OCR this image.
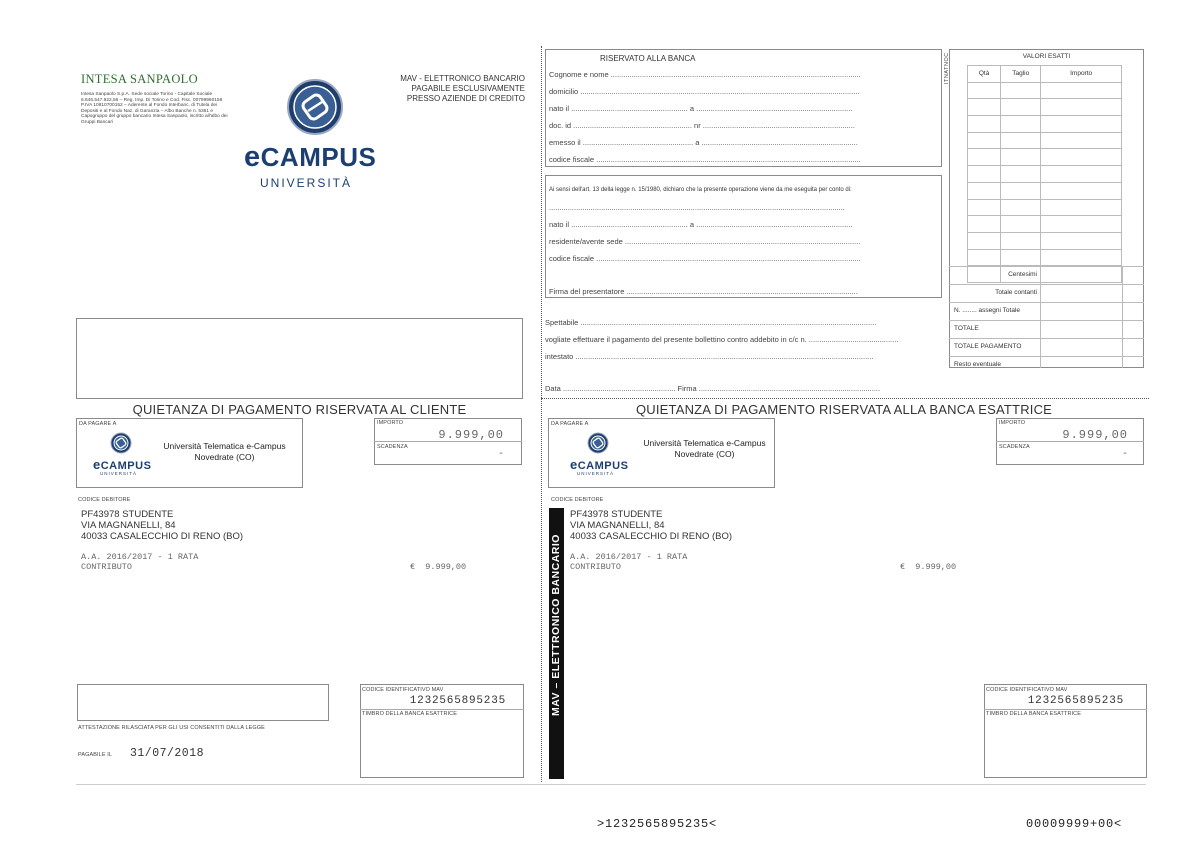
INTESA SANPAOLO
Intesa Sanpaolo S.p.A. Sede sociale Torino - Capitale Sociale 6.646.547.922,56 – Reg. Imp. Di Torino e Cod. Fisc. 00799960158 P.IVA 10810700152 – Aderente al Fondo Interbanc. di Tutela dei Depositi e al Fondo Naz. di Garanzia – Albo Banche n. 5361 e Capogruppo del gruppo bancario Intesa Sanpaolo, iscritto all'albo dei Gruppi Bancari
eCAMPUS
UNIVERSITÀ
MAV - ELETTRONICO BANCARIO
PAGABILE ESCLUSIVAMENTE
PRESSO AZIENDE DI CREDITO
RISERVATO ALLA BANCA
Cognome e nome ........................................................................................................................
domicilio ......................................................................................................................................
nato il ........................................................ a ...........................................................................
doc. id ......................................................... nr .........................................................................
emesso il ..................................................... a ...........................................................................
codice fiscale ...............................................................................................................................
Ai sensi dell'art. 13 della legge n. 15/1980, dichiaro che la presente operazione viene da me eseguita per conto di:
..............................................................................................................................................
nato il ........................................................ a ...........................................................................
residente/avente sede .................................................................................................................
codice fiscale ...............................................................................................................................
Firma del presentatore ...............................................................................................................
Spettabile ..............................................................................................................................................
vogliate effettuare il pagamento del presente bollettino contro addebito in c/c n. ...........................................
intestato ...............................................................................................................................................
Data ...................................................... Firma .......................................................................................
VALORI ESATTI
ITNATNOC	Qtà	Taglio	Importo

Centesimi
Totale contanti
N. ........ assegni Totale
TOTALE
TOTALE PAGAMENTO
Resto eventuale
QUIETANZA DI PAGAMENTO RISERVATA AL CLIENTE	QUIETANZA DI PAGAMENTO RISERVATA ALLA BANCA ESATTRICE
DA PAGARE A
eCAMPUS
UNIVERSITÀ
Università Telematica e-Campus
Novedrate (CO)
IMPORTO
9.999,00
SCADENZA
-
CODICE DEBITORE
PF43978 STUDENTE
VIA MAGNANELLI, 84
40033 CASALECCHIO DI RENO (BO)
A.A. 2016/2017 - 1 RATA
CONTRIBUTO	€  9.999,00
ATTESTAZIONE RILASCIATA PER GLI USI CONSENTITI DALLA LEGGE
PAGABILE IL 31/07/2018
CODICE IDENTIFICATIVO MAV
1232565895235
TIMBRO DELLA BANCA ESATTRICE	MAV – ELETTRONICO BANCARIO
DA PAGARE A
eCAMPUS
UNIVERSITÀ
Università Telematica e-Campus
Novedrate (CO)
IMPORTO
9.999,00
SCADENZA
-
CODICE DEBITORE
PF43978 STUDENTE
VIA MAGNANELLI, 84
40033 CASALECCHIO DI RENO (BO)
A.A. 2016/2017 - 1 RATA
CONTRIBUTO	€  9.999,00
CODICE IDENTIFICATIVO MAV
1232565895235
TIMBRO DELLA BANCA ESATTRICE
>1232565895235<	00009999+00<
